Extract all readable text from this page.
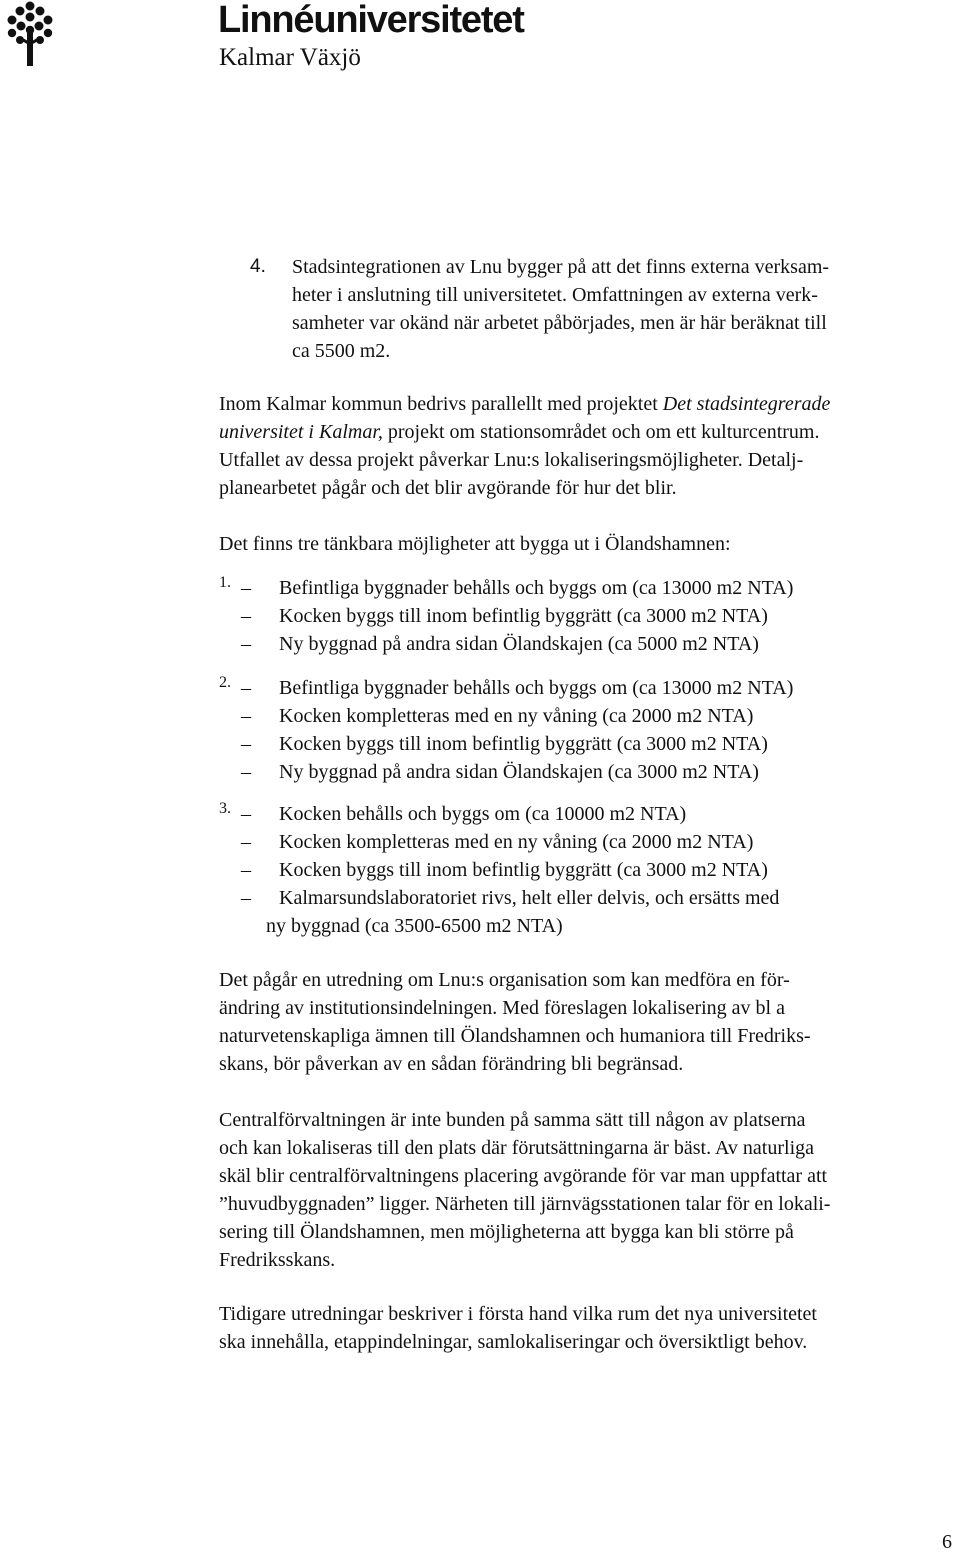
Linnéuniversitetet

Kalmar Växjö

4. Stadsintegrationen av Lnu bygger på att det finns externa verksam-
heter i anslutning till universitetet. Omfattningen av externa verk-
samheter var okänd när arbetet påbörjades, men är här beräknat till
ca 5500 m2.
Inom Kalmar kommun bedrivs parallellt med projektet Det stadsintegrerade
universitet i Kalmar, projekt om stationsområdet och om ett kulturcentrum.
Utfallet av dessa projekt påverkar Lnu:s lokaliseringsmöjligheter. Detalj-
planearbetet pågår och det blir avgörande för hur det blir.
Det finns tre tänkbara möjligheter att bygga ut i Ölandshamnen:
1. – Befintliga byggnader behålls och byggs om (ca 13000 m2 NTA)
– Kocken byggs till inom befintlig byggrätt (ca 3000 m2 NTA)
– Ny byggnad på andra sidan Ölandskajen (ca 5000 m2 NTA)
2. – Befintliga byggnader behålls och byggs om (ca 13000 m2 NTA)
– Kocken kompletteras med en ny våning (ca 2000 m2 NTA)
– Kocken byggs till inom befintlig byggrätt (ca 3000 m2 NTA)
– Ny byggnad på andra sidan Ölandskajen (ca 3000 m2 NTA)
3. – Kocken behålls och byggs om (ca 10000 m2 NTA)
– Kocken kompletteras med en ny våning (ca 2000 m2 NTA)
– Kocken byggs till inom befintlig byggrätt (ca 3000 m2 NTA)
– Kalmarsundslaboratoriet rivs, helt eller delvis, och ersätts med
ny byggnad (ca 3500-6500 m2 NTA)
Det pågår en utredning om Lnu:s organisation som kan medföra en för-
ändring av institutionsindelningen. Med föreslagen lokalisering av bl a
naturvetenskapliga ämnen till Ölandshamnen och humaniora till Fredriks-
skans, bör påverkan av en sådan förändring bli begränsad.
Centralförvaltningen är inte bunden på samma sätt till någon av platserna
och kan lokaliseras till den plats där förutsättningarna är bäst. Av naturliga
skäl blir centralförvaltningens placering avgörande för var man uppfattar att
”huvudbyggnaden” ligger. Närheten till järnvägsstationen talar för en lokali-
sering till Ölandshamnen, men möjligheterna att bygga kan bli större på
Fredriksskans.
Tidigare utredningar beskriver i första hand vilka rum det nya universitetet
ska innehålla, etappindelningar, samlokaliseringar och översiktligt behov.
6
